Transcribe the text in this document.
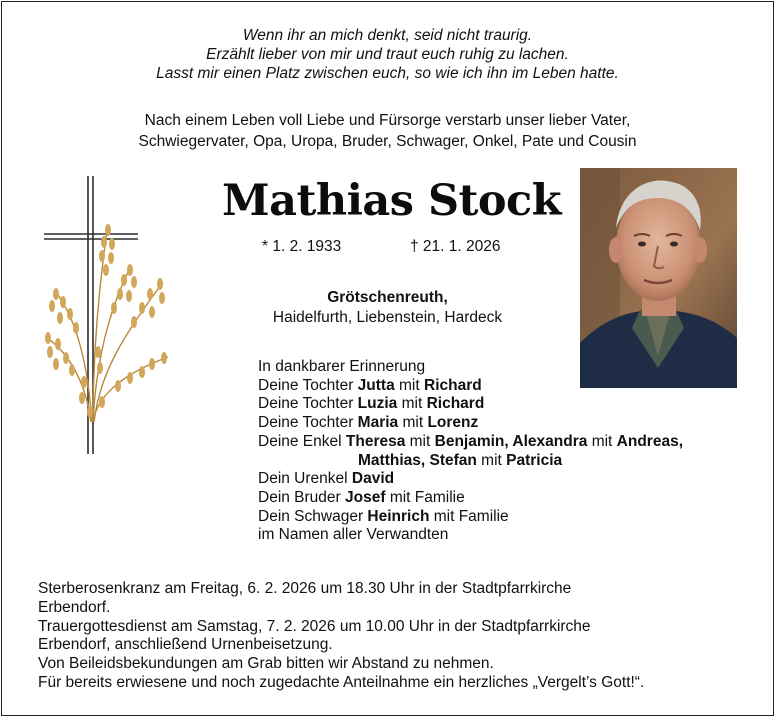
Wenn ihr an mich denkt, seid nicht traurig.
Erzählt lieber von mir und traut euch ruhig zu lachen.
Lasst mir einen Platz zwischen euch, so wie ich ihn im Leben hatte.
Nach einem Leben voll Liebe und Fürsorge verstarb unser lieber Vater,
Schwiegervater, Opa, Uropa, Bruder, Schwager, Onkel, Pate und Cousin
Mathias Stock
* 1. 2. 1933	† 21. 1. 2026
Grötschenreuth,
Haidelfurth, Liebenstein, Hardeck
In dankbarer Erinnerung
Deine Tochter Jutta mit Richard
Deine Tochter Luzia mit Richard
Deine Tochter Maria mit Lorenz
Deine Enkel Theresa mit Benjamin, Alexandra mit Andreas,
Matthias, Stefan mit Patricia
Dein Urenkel David
Dein Bruder Josef mit Familie
Dein Schwager Heinrich mit Familie
im Namen aller Verwandten
Sterberosenkranz am Freitag, 6. 2. 2026 um 18.30 Uhr in der Stadtpfarrkirche
Erbendorf.
Trauergottesdienst am Samstag, 7. 2. 2026 um 10.00 Uhr in der Stadtpfarrkirche
Erbendorf, anschließend Urnenbeisetzung.
Von Beileidsbekundungen am Grab bitten wir Abstand zu nehmen.
Für bereits erwiesene und noch zugedachte Anteilnahme ein herzliches „Vergelt’s Gott!“.
